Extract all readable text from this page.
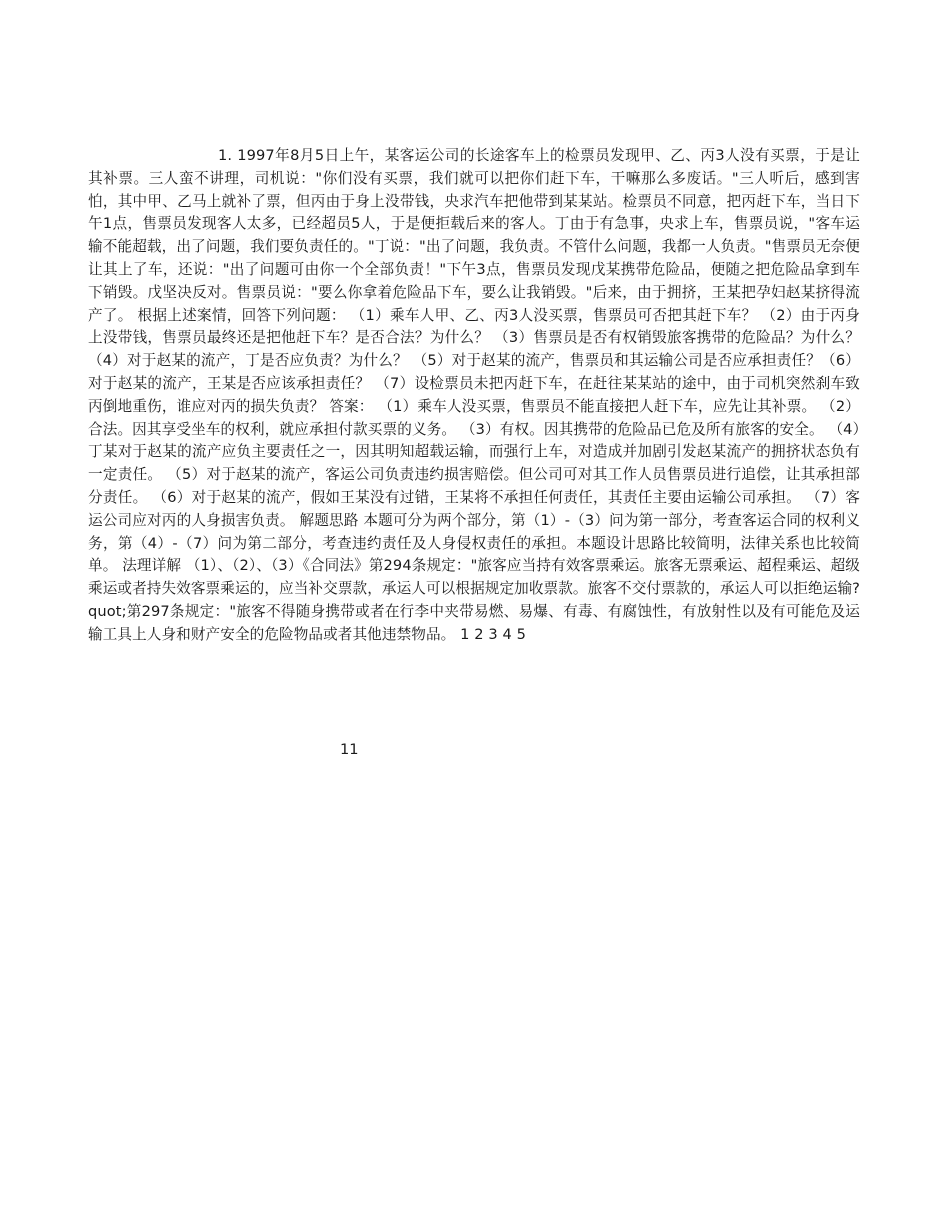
1. 1997年8月5日上午，某客运公司的长途客车上的检票员发现甲、乙、丙3人没有买票，于是让其补票。三人蛮不讲理，司机说："你们没有买票，我们就可以把你们赶下车，干嘛那么多废话。"三人听后，感到害怕，其中甲、乙马上就补了票，但丙由于身上没带钱，央求汽车把他带到某某站。检票员不同意，把丙赶下车，当日下午1点，售票员发现客人太多，已经超员5人，于是便拒载后来的客人。丁由于有急事，央求上车，售票员说，"客车运输不能超载，出了问题，我们要负责任的。"丁说："出了问题，我负责。不管什么问题，我都一人负责。"售票员无奈便让其上了车，还说："出了问题可由你一个全部负责！"下午3点，售票员发现戊某携带危险品，便随之把危险品拿到车下销毁。戊坚决反对。售票员说："要么你拿着危险品下车，要么让我销毁。"后来，由于拥挤，王某把孕妇赵某挤得流产了。 根据上述案情，回答下列问题： （1）乘车人甲、乙、丙3人没买票，售票员可否把其赶下车？ （2）由于丙身上没带钱，售票员最终还是把他赶下车？是否合法？为什么？ （3）售票员是否有权销毁旅客携带的危险品？为什么？ （4）对于赵某的流产，丁是否应负责？为什么？ （5）对于赵某的流产，售票员和其运输公司是否应承担责任？（6）对于赵某的流产，王某是否应该承担责任？ （7）设检票员未把丙赶下车，在赶往某某站的途中，由于司机突然刹车致丙倒地重伤，谁应对丙的损失负责？ 答案： （1）乘车人没买票，售票员不能直接把人赶下车，应先让其补票。 （2）合法。因其享受坐车的权利，就应承担付款买票的义务。 （3）有权。因其携带的危险品已危及所有旅客的安全。 （4）丁某对于赵某的流产应负主要责任之一，因其明知超载运输，而强行上车，对造成并加剧引发赵某流产的拥挤状态负有一定责任。 （5）对于赵某的流产，客运公司负责违约损害赔偿。但公司可对其工作人员售票员进行追偿，让其承担部分责任。 （6）对于赵某的流产，假如王某没有过错，王某将不承担任何责任，其责任主要由运输公司承担。 （7）客运公司应对丙的人身损害负责。 解题思路 本题可分为两个部分，第（1）-（3）问为第一部分，考查客运合同的权利义务，第（4）-（7）问为第二部分，考查违约责任及人身侵权责任的承担。本题设计思路比较简明，法律关系也比较简单。 法理详解 （1）、（2）、（3）《合同法》第294条规定："旅客应当持有效客票乘运。旅客无票乘运、超程乘运、超级乘运或者持失效客票乘运的，应当补交票款，承运人可以根据规定加收票款。旅客不交付票款的，承运人可以拒绝运输?quot;第297条规定："旅客不得随身携带或者在行李中夹带易燃、易爆、有毒、有腐蚀性，有放射性以及有可能危及运输工具上人身和财产安全的危险物品或者其他违禁物品。 1 2 3 4 5
11
